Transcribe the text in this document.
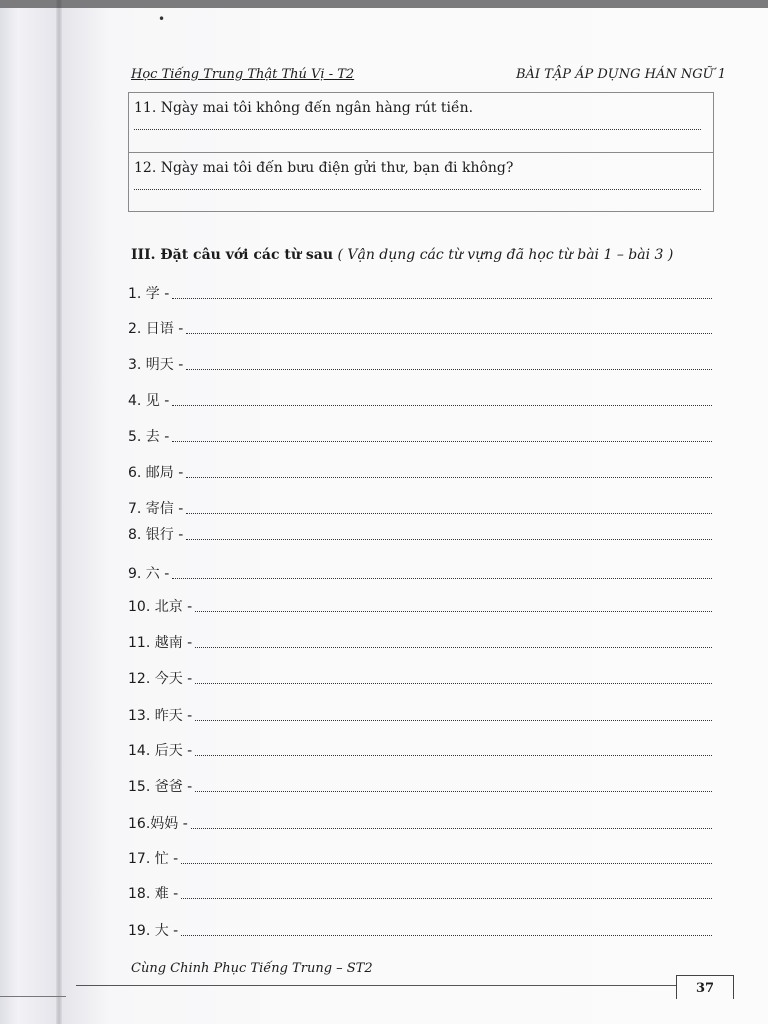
•
Học Tiếng Trung Thật Thú Vị - T2	BÀI TẬP ÁP DỤNG HÁN NGỮ 1
11. Ngày mai tôi không đến ngân hàng rút tiền.
12. Ngày mai tôi đến bưu điện gửi thư, bạn đi không?
III. Đặt câu với các từ sau ( Vận dụng các từ vựng đã học từ bài 1 – bài 3 )
1. 学 -
2. 日语 -
3. 明天 -
4. 见 -
5. 去 -
6. 邮局 -
7. 寄信 -
8. 银行 -
9. 六 -
10. 北京 -
11. 越南 -
12. 今天 -
13. 昨天 -
14. 后天 -
15. 爸爸 -
16.妈妈 -
17. 忙 -
18. 难 -
19. 大 -
Cùng Chinh Phục Tiếng Trung – ST2
37
